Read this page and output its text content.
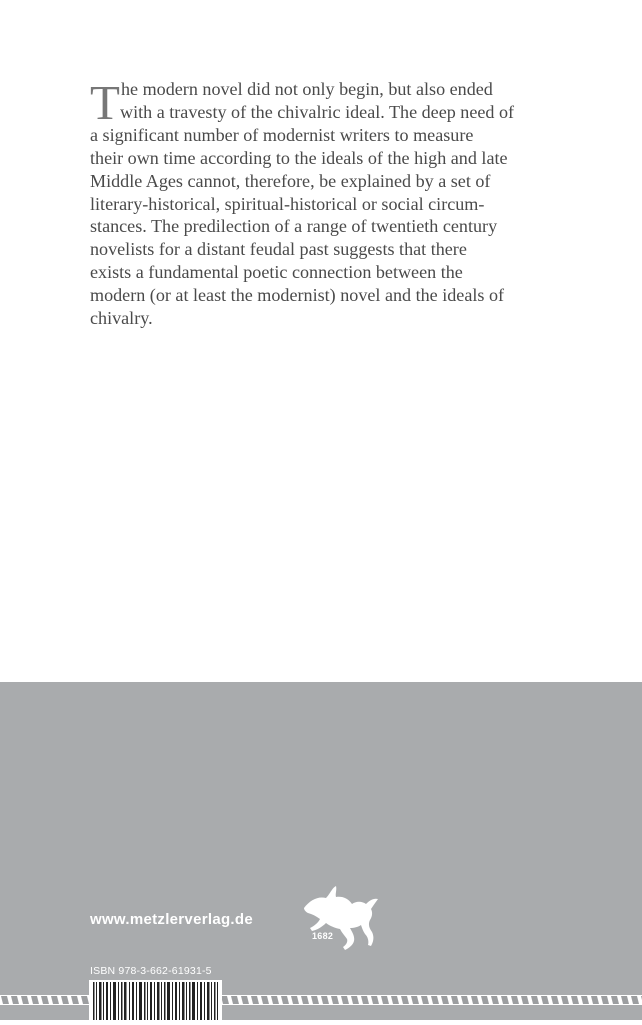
T he modern novel did not only begin, but also ended
with a travesty of the chivalric ideal. The deep need of
a significant number of modernist writers to measure
their own time according to the ideals of the high and late
Middle Ages cannot, therefore, be explained by a set of
literary-historical, spiritual-historical or social circum-
stances. The predilection of a range of twentieth century
novelists for a distant feudal past suggests that there
exists a fundamental poetic connection between the
modern (or at least the modernist) novel and the ideals of
chivalry.
www.metzlerverlag.de
1682
ISBN 978-3-662-61931-5
